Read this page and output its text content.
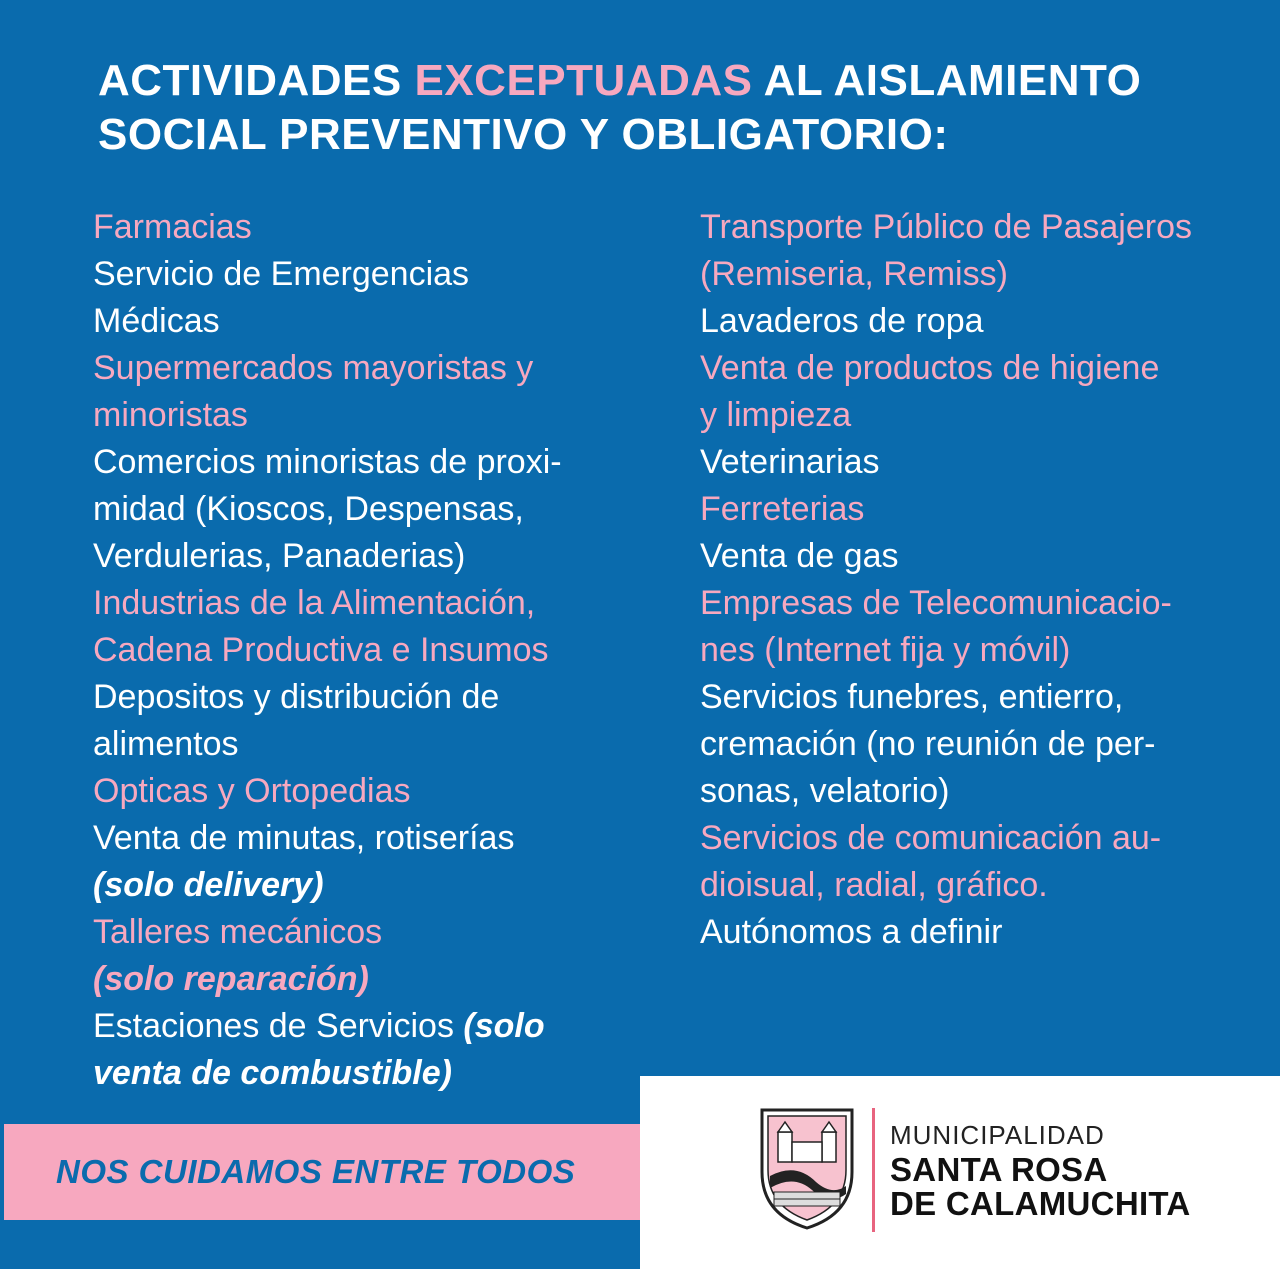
ACTIVIDADES EXCEPTUADAS AL AISLAMIENTO
SOCIAL PREVENTIVO Y OBLIGATORIO:
Farmacias
Servicio de Emergencias
Médicas
Supermercados mayoristas y
minoristas
Comercios minoristas de proxi-
midad (Kioscos, Despensas,
Verdulerias, Panaderias)
Industrias de la Alimentación,
Cadena Productiva e Insumos
Depositos y distribución de
alimentos
Opticas y Ortopedias
Venta de minutas, rotiserías
(solo delivery)
Talleres mecánicos
(solo reparación)
Estaciones de Servicios (solo
venta de combustible)
Transporte Público de Pasajeros
(Remiseria, Remiss)
Lavaderos de ropa
Venta de productos de higiene
y limpieza
Veterinarias
Ferreterias
Venta de gas
Empresas de Telecomunicacio-
nes (Internet fija y móvil)
Servicios funebres, entierro,
cremación (no reunión de per-
sonas, velatorio)
Servicios de comunicación au-
dioisual, radial, gráfico.
Autónomos a definir
NOS CUIDAMOS ENTRE TODOS
MUNICIPALIDAD
SANTA ROSA
DE CALAMUCHITA
